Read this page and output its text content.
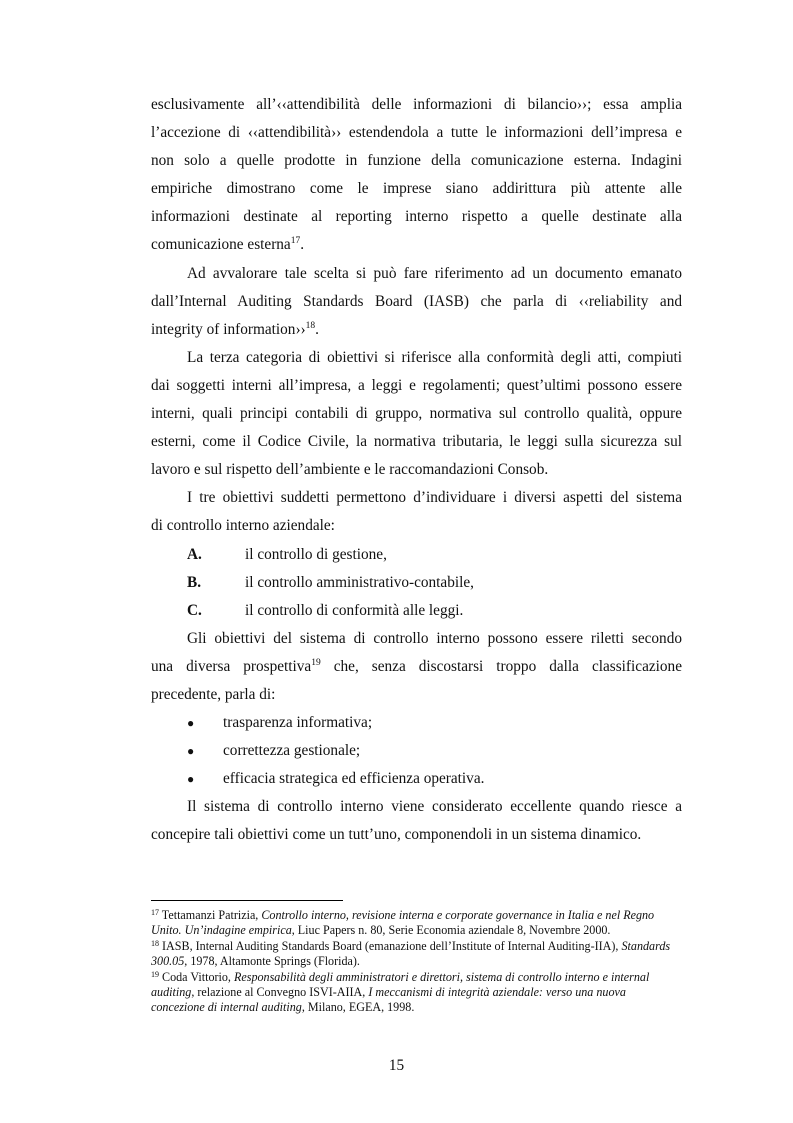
esclusivamente all’‹‹attendibilità delle informazioni di bilancio››; essa amplia
l’accezione di ‹‹attendibilità›› estendendola a tutte le informazioni dell’impresa e
non solo a quelle prodotte in funzione della comunicazione esterna. Indagini
empiriche dimostrano come le imprese siano addirittura più attente alle
informazioni destinate al reporting interno rispetto a quelle destinate alla
comunicazione esterna$^{17}$.
Ad avvalorare tale scelta si può fare riferimento ad un documento emanato
dall’Internal Auditing Standards Board (IASB) che parla di ‹‹reliability and
integrity of information››$^{18}$.
La terza categoria di obiettivi si riferisce alla conformità degli atti, compiuti
dai soggetti interni all’impresa, a leggi e regolamenti; quest’ultimi possono essere
interni, quali principi contabili di gruppo, normativa sul controllo qualità, oppure
esterni, come il Codice Civile, la normativa tributaria, le leggi sulla sicurezza sul
lavoro e sul rispetto dell’ambiente e le raccomandazioni Consob.
I tre obiettivi suddetti permettono d’individuare i diversi aspetti del sistema
di controllo interno aziendale:
A.	il controllo di gestione,
B.	il controllo amministrativo-contabile,
C.	il controllo di conformità alle leggi.
Gli obiettivi del sistema di controllo interno possono essere riletti secondo
una diversa prospettiva$^{19}$ che, senza discostarsi troppo dalla classificazione
precedente, parla di:
●	trasparenza informativa;
●	correttezza gestionale;
●	efficacia strategica ed efficienza operativa.
Il sistema di controllo interno viene considerato eccellente quando riesce a
concepire tali obiettivi come un tutt’uno, componendoli in un sistema dinamico.
$^{17}$ Tettamanzi Patrizia, Controllo interno, revisione interna e corporate governance in Italia e nel Regno Unito. Un’indagine empirica, Liuc Papers n. 80, Serie Economia aziendale 8, Novembre 2000.
$^{18}$ IASB, Internal Auditing Standards Board (emanazione dell’Institute of Internal Auditing-IIA), Standards 300.05, 1978, Altamonte Springs (Florida).
$^{19}$ Coda Vittorio, Responsabilità degli amministratori e direttori, sistema di controllo interno e internal auditing, relazione al Convegno ISVI-AIIA, I meccanismi di integrità aziendale: verso una nuova concezione di internal auditing, Milano, EGEA, 1998.
15
